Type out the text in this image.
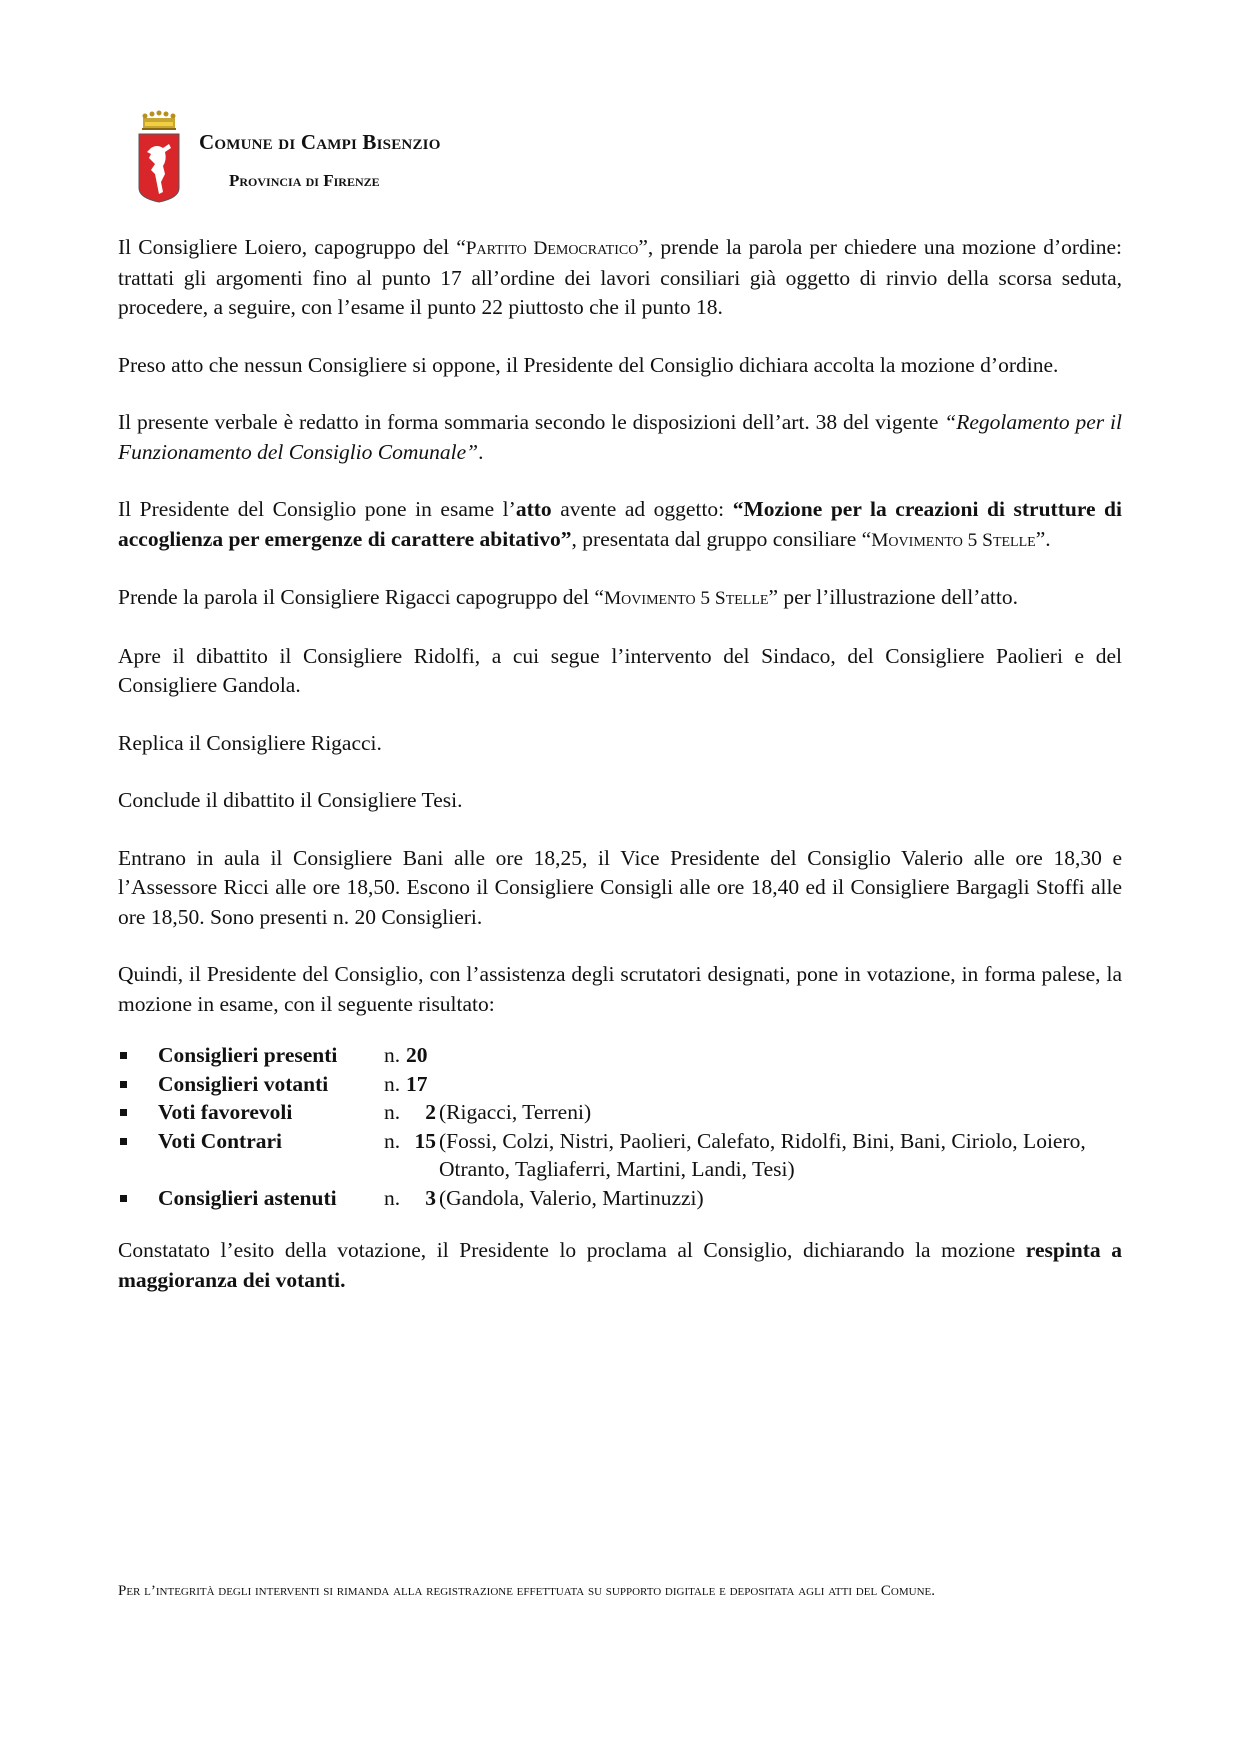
Comune di Campi Bisenzio
Provincia di Firenze

Il Consigliere Loiero, capogruppo del “Partito Democratico”, prende la parola per chiedere una mozione d’ordine: trattati gli argomenti fino al punto 17 all’ordine dei lavori consiliari già oggetto di rinvio della scorsa seduta, procedere, a seguire, con l’esame il punto 22 piuttosto che il punto 18.

Preso atto che nessun Consigliere si oppone, il Presidente del Consiglio dichiara accolta la mozione d’ordine.

Il presente verbale è redatto in forma sommaria secondo le disposizioni dell’art. 38 del vigente “Regolamento per il Funzionamento del Consiglio Comunale”.

Il Presidente del Consiglio pone in esame l’atto avente ad oggetto: “Mozione per la creazioni di strutture di accoglienza per emergenze di carattere abitativo”, presentata dal gruppo consiliare “Movimento 5 Stelle”.

Prende la parola il Consigliere Rigacci capogruppo del “Movimento 5 Stelle” per l’illustrazione dell’atto.

Apre il dibattito il Consigliere Ridolfi, a cui segue l’intervento del Sindaco, del Consigliere Paolieri e del Consigliere Gandola.

Replica il Consigliere Rigacci.

Conclude il dibattito il Consigliere Tesi.

Entrano in aula il Consigliere Bani alle ore 18,25, il Vice Presidente del Consiglio Valerio alle ore 18,30 e l’Assessore Ricci alle ore 18,50. Escono il Consigliere Consigli alle ore 18,40 ed il Consigliere Bargagli Stoffi alle ore 18,50. Sono presenti n. 20 Consiglieri.

Quindi, il Presidente del Consiglio, con l’assistenza degli scrutatori designati, pone in votazione, in forma palese, la mozione in esame, con il seguente risultato:

Consiglieri presenti	n. 20
Consiglieri votanti	n. 17
Voti favorevoli	n.	2 (Rigacci, Terreni)
Voti Contrari	n. 15 (Fossi, Colzi, Nistri, Paolieri, Calefato, Ridolfi, Bini, Bani, Ciriolo, Loiero, Otranto, Tagliaferri, Martini, Landi, Tesi)
Consiglieri astenuti	n.	3 (Gandola, Valerio, Martinuzzi)

Constatato l’esito della votazione, il Presidente lo proclama al Consiglio, dichiarando la mozione respinta a maggioranza dei votanti.

Per l’integrità degli interventi si rimanda alla registrazione effettuata su supporto digitale e depositata agli atti del Comune.
